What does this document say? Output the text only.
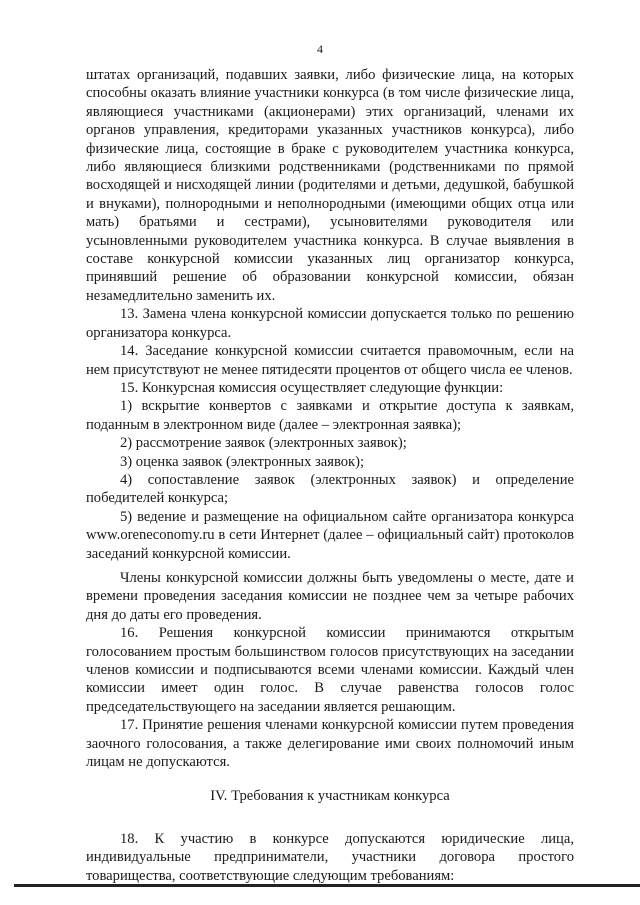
4

штатах организаций, подавших заявки, либо физические лица, на которых способны оказать влияние участники конкурса (в том числе физические лица, являющиеся участниками (акционерами) этих организаций, членами их органов управления, кредиторами указанных участников конкурса), либо физические лица, состоящие в браке с руководителем участника конкурса, либо являющиеся близкими родственниками (родственниками по прямой восходящей и нисходящей линии (родителями и детьми, дедушкой, бабушкой и внуками), полнородными и неполнородными (имеющими общих отца или мать) братьями и сестрами), усыновителями руководителя или усыновленными руководителем участника конкурса. В случае выявления в составе конкурсной комиссии указанных лиц организатор конкурса, принявший решение об образовании конкурсной комиссии, обязан незамедлительно заменить их.

13. Замена члена конкурсной комиссии допускается только по решению организатора конкурса.

14. Заседание конкурсной комиссии считается правомочным, если на нем присутствуют не менее пятидесяти процентов от общего числа ее членов.

15. Конкурсная комиссия осуществляет следующие функции:

1) вскрытие конвертов с заявками и открытие доступа к заявкам, поданным в электронном виде (далее – электронная заявка);

2) рассмотрение заявок (электронных заявок);

3) оценка заявок (электронных заявок);

4) сопоставление заявок (электронных заявок) и определение победителей конкурса;

5) ведение и размещение на официальном сайте организатора конкурса www.oreneconomy.ru в сети Интернет (далее – официальный сайт) протоколов заседаний конкурсной комиссии.

Члены конкурсной комиссии должны быть уведомлены о месте, дате и времени проведения заседания комиссии не позднее чем за четыре рабочих дня до даты его проведения.

16. Решения конкурсной комиссии принимаются открытым голосованием простым большинством голосов присутствующих на заседании членов комиссии и подписываются всеми членами комиссии. Каждый член комиссии имеет один голос. В случае равенства голосов голос председательствующего на заседании является решающим.

17. Принятие решения членами конкурсной комиссии путем проведения заочного голосования, а также делегирование ими своих полномочий иным лицам не допускаются.

IV. Требования к участникам конкурса

18. К участию в конкурсе допускаются юридические лица, индивидуальные предприниматели, участники договора простого товарищества, соответствующие следующим требованиям:
